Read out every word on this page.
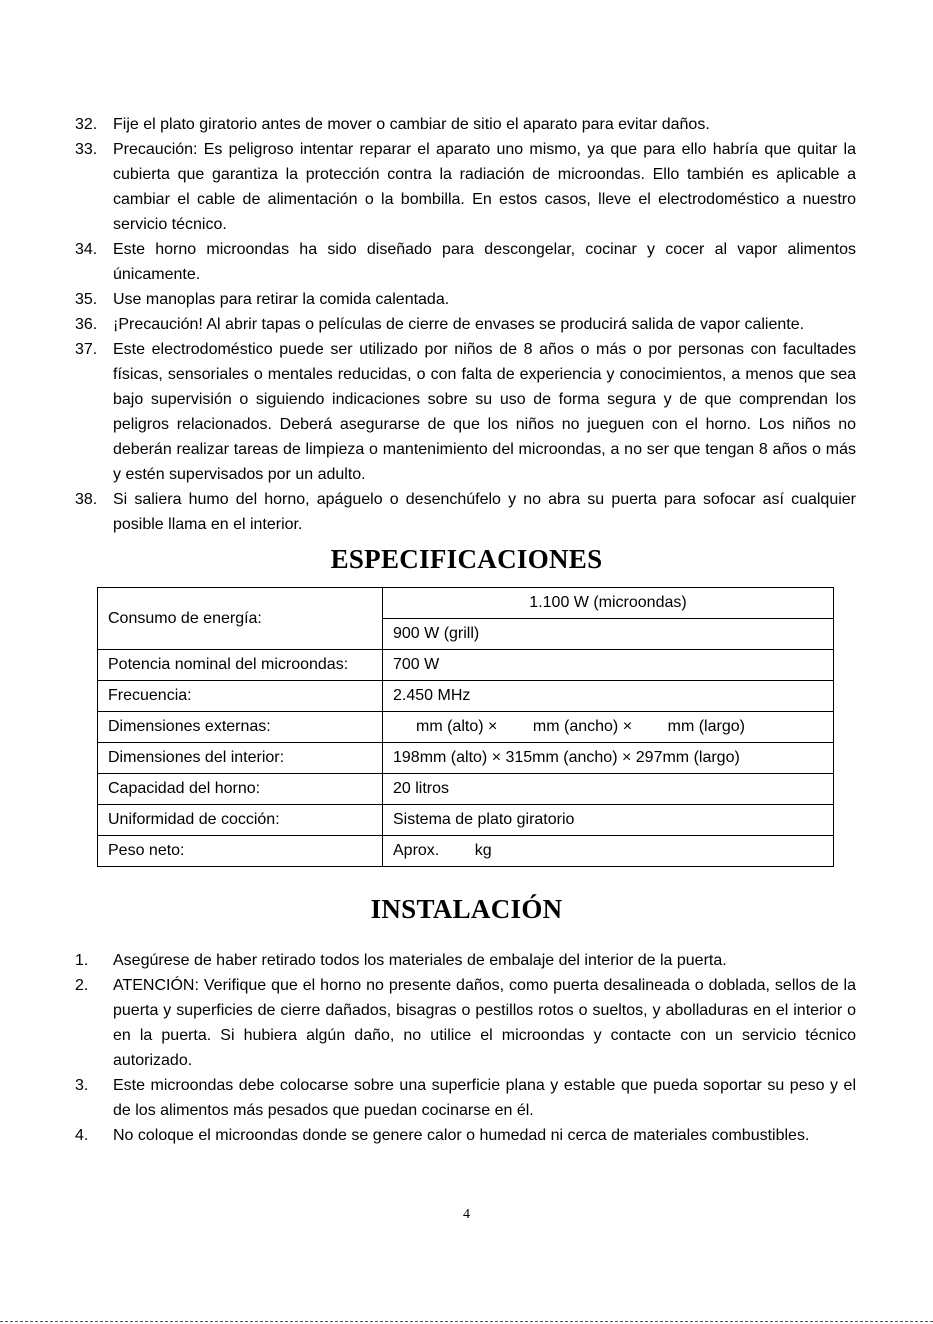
32. Fije el plato giratorio antes de mover o cambiar de sitio el aparato para evitar daños.
33. Precaución: Es peligroso intentar reparar el aparato uno mismo, ya que para ello habría que quitar la cubierta que garantiza la protección contra la radiación de microondas. Ello también es aplicable a cambiar el cable de alimentación o la bombilla. En estos casos, lleve el electrodoméstico a nuestro servicio técnico.
34. Este horno microondas ha sido diseñado para descongelar, cocinar y cocer al vapor alimentos únicamente.
35. Use manoplas para retirar la comida calentada.
36. ¡Precaución! Al abrir tapas o películas de cierre de envases se producirá salida de vapor caliente.
37. Este electrodoméstico puede ser utilizado por niños de 8 años o más o por personas con facultades físicas, sensoriales o mentales reducidas, o con falta de experiencia y conocimientos, a menos que sea bajo supervisión o siguiendo indicaciones sobre su uso de forma segura y de que comprendan los peligros relacionados. Deberá asegurarse de que los niños no jueguen con el horno. Los niños no deberán realizar tareas de limpieza o mantenimiento del microondas, a no ser que tengan 8 años o más y estén supervisados por un adulto.
38. Si saliera humo del horno, apáguelo o desenchúfelo y no abra su puerta para sofocar así cualquier posible llama en el interior.
ESPECIFICACIONES
Consumo de energía:	1.100 W (microondas)
	900 W (grill)
Potencia nominal del microondas:	700 W
Frecuencia:	2.450 MHz
Dimensiones externas:	mm (alto) ×        mm (ancho) ×        mm (largo)
Dimensiones del interior:	198mm (alto) × 315mm (ancho) × 297mm (largo)
Capacidad del horno:	20 litros
Uniformidad de cocción:	Sistema de plato giratorio
Peso neto:	Aprox.        kg
INSTALACIÓN
1.	Asegúrese de haber retirado todos los materiales de embalaje del interior de la puerta.
2.	ATENCIÓN: Verifique que el horno no presente daños, como puerta desalineada o doblada, sellos de la puerta y superficies de cierre dañados, bisagras o pestillos rotos o sueltos, y abolladuras en el interior o en la puerta. Si hubiera algún daño, no utilice el microondas y contacte con un servicio técnico autorizado.
3.	Este microondas debe colocarse sobre una superficie plana y estable que pueda soportar su peso y el de los alimentos más pesados que puedan cocinarse en él.
4.	No coloque el microondas donde se genere calor o humedad ni cerca de materiales combustibles.
4
